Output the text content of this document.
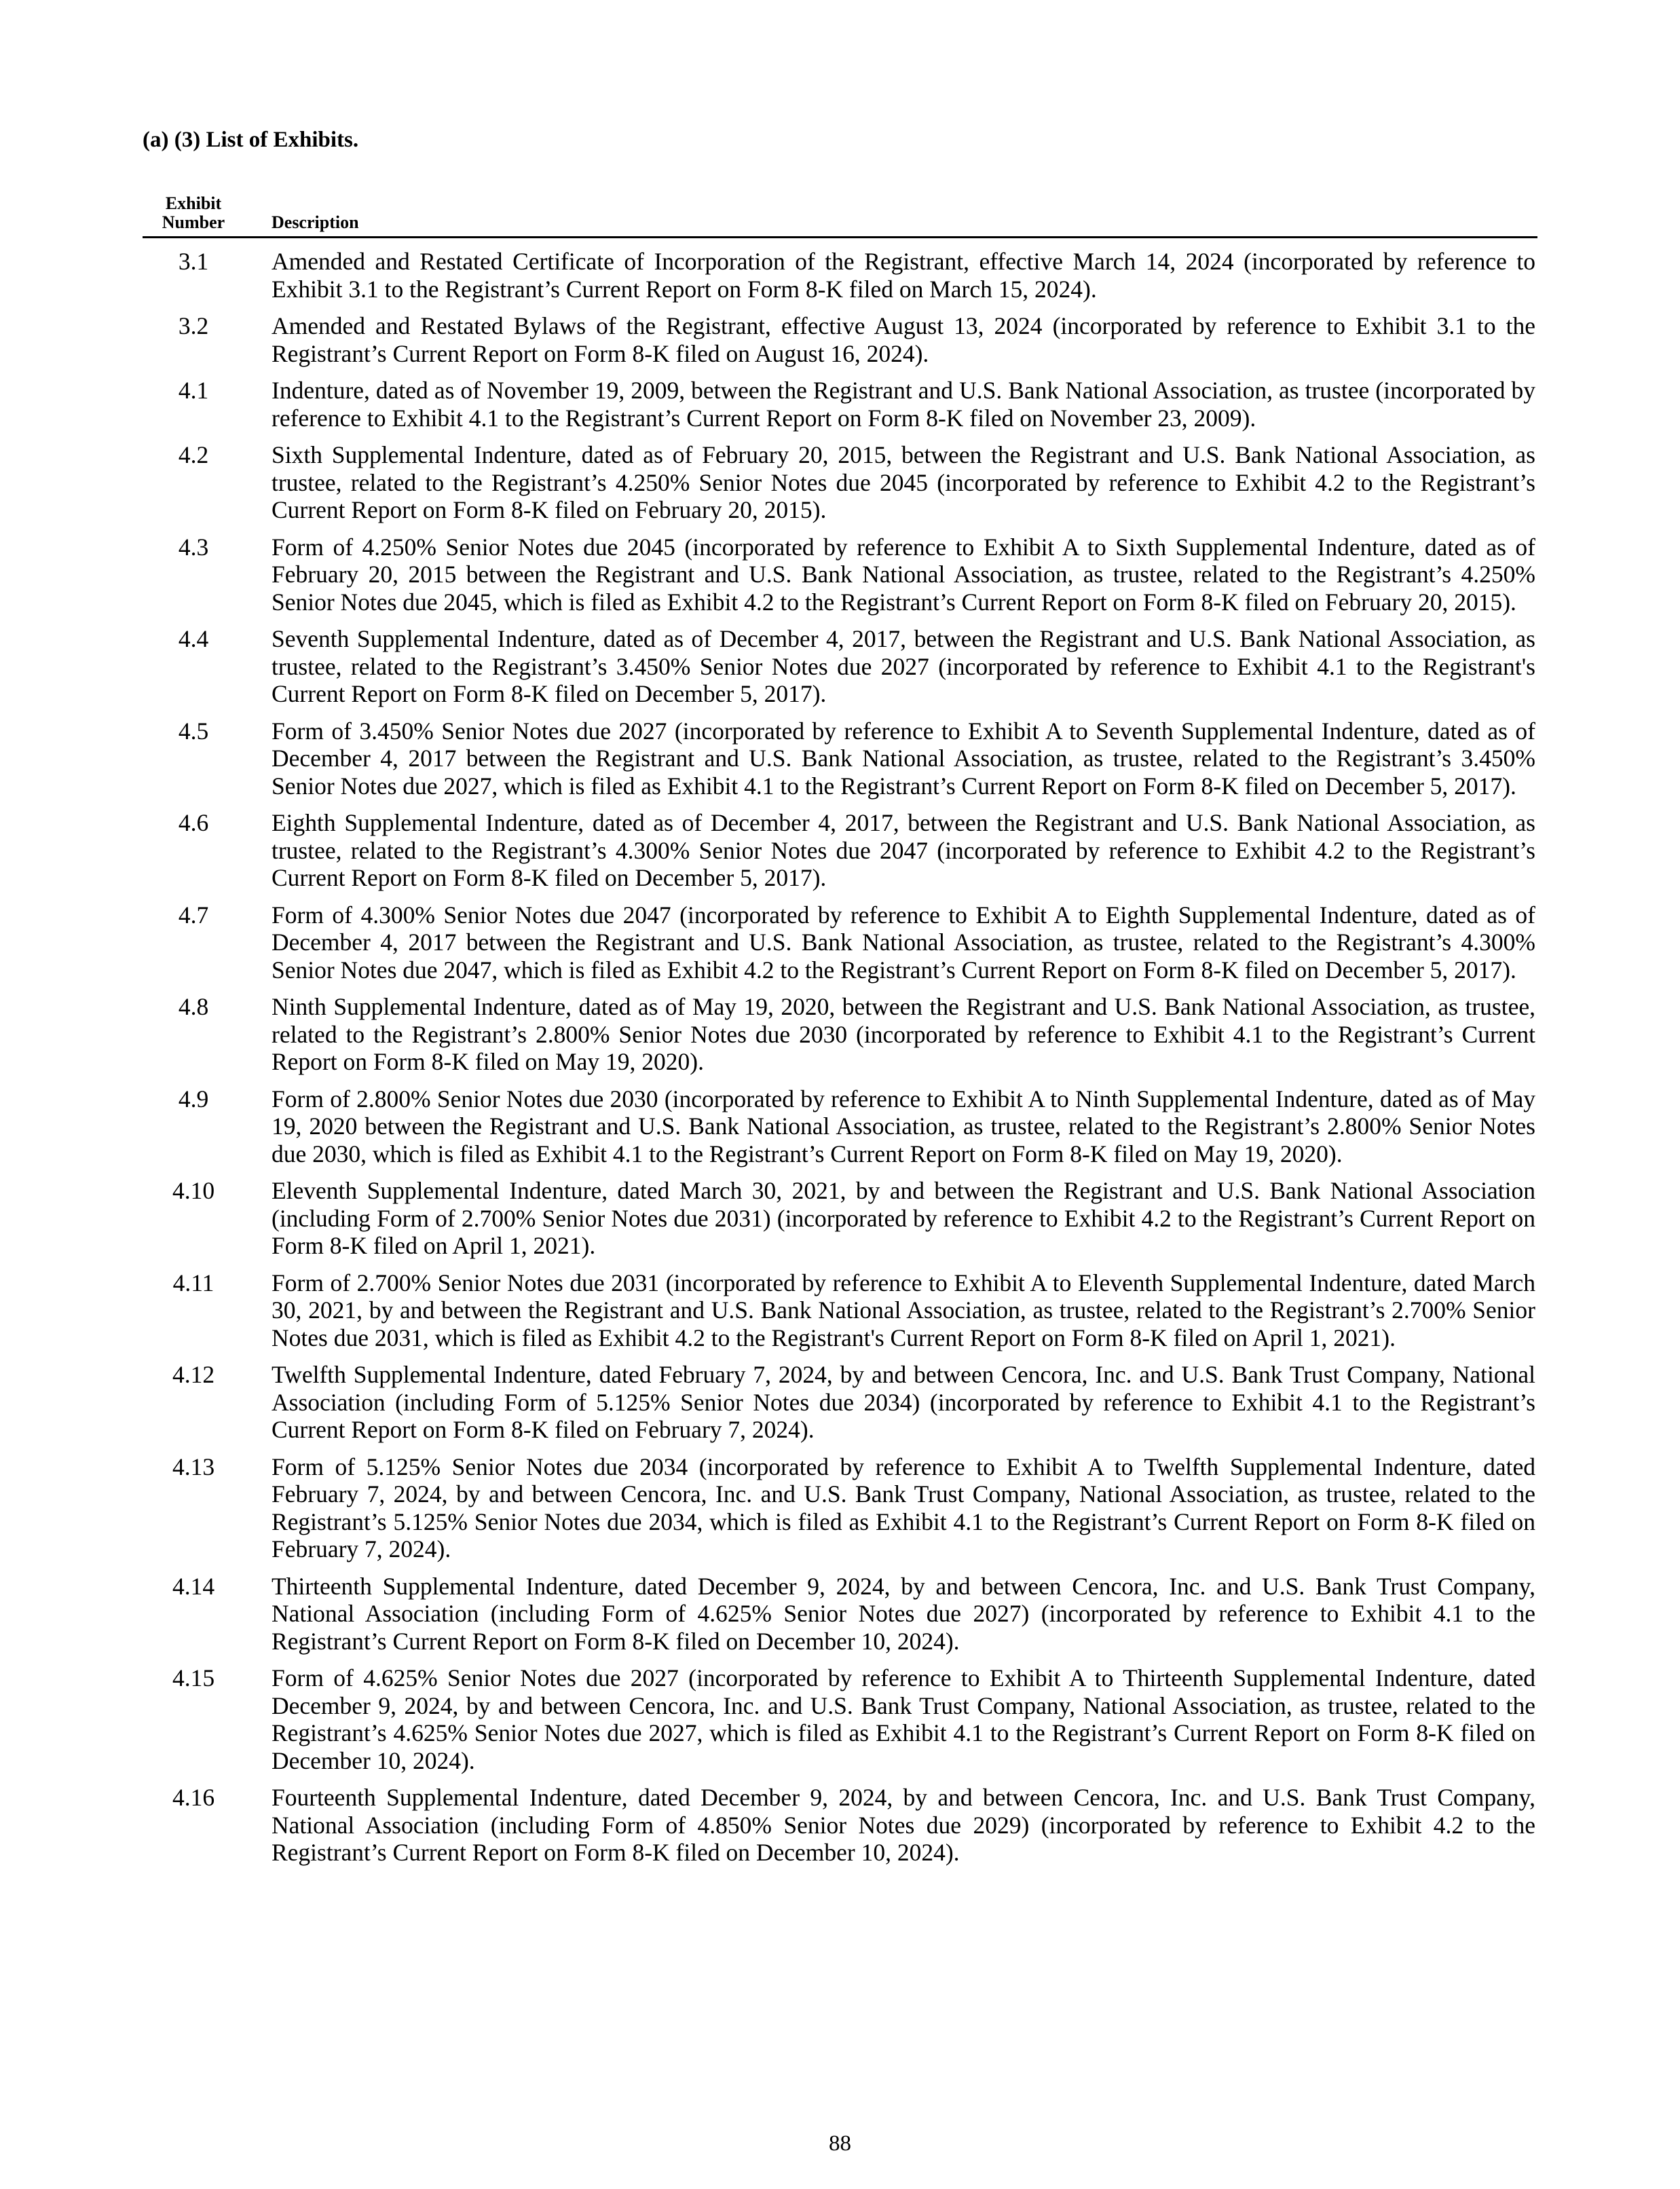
(a) (3) List of Exhibits.
Exhibit
Number	Description
3.1	Amended and Restated Certificate of Incorporation of the Registrant, effective March 14, 2024 (incorporated by reference to Exhibit 3.1 to the Registrant’s Current Report on Form 8-K filed on March 15, 2024).
3.2	Amended and Restated Bylaws of the Registrant, effective August 13, 2024 (incorporated by reference to Exhibit 3.1 to the Registrant’s Current Report on Form 8-K filed on August 16, 2024).
4.1	Indenture, dated as of November 19, 2009, between the Registrant and U.S. Bank National Association, as trustee (incorporated by reference to Exhibit 4.1 to the Registrant’s Current Report on Form 8-K filed on November 23, 2009).
4.2	Sixth Supplemental Indenture, dated as of February 20, 2015, between the Registrant and U.S. Bank National Association, as trustee, related to the Registrant’s 4.250% Senior Notes due 2045 (incorporated by reference to Exhibit 4.2 to the Registrant’s Current Report on Form 8-K filed on February 20, 2015).
4.3	Form of 4.250% Senior Notes due 2045 (incorporated by reference to Exhibit A to Sixth Supplemental Indenture, dated as of February 20, 2015 between the Registrant and U.S. Bank National Association, as trustee, related to the Registrant’s 4.250% Senior Notes due 2045, which is filed as Exhibit 4.2 to the Registrant’s Current Report on Form 8-K filed on February 20, 2015).
4.4	Seventh Supplemental Indenture, dated as of December 4, 2017, between the Registrant and U.S. Bank National Association, as trustee, related to the Registrant’s 3.450% Senior Notes due 2027 (incorporated by reference to Exhibit 4.1 to the Registrant's Current Report on Form 8-K filed on December 5, 2017).
4.5	Form of 3.450% Senior Notes due 2027 (incorporated by reference to Exhibit A to Seventh Supplemental Indenture, dated as of December 4, 2017 between the Registrant and U.S. Bank National Association, as trustee, related to the Registrant’s 3.450% Senior Notes due 2027, which is filed as Exhibit 4.1 to the Registrant’s Current Report on Form 8-K filed on December 5, 2017).
4.6	Eighth Supplemental Indenture, dated as of December 4, 2017, between the Registrant and U.S. Bank National Association, as trustee, related to the Registrant’s 4.300% Senior Notes due 2047 (incorporated by reference to Exhibit 4.2 to the Registrant’s Current Report on Form 8-K filed on December 5, 2017).
4.7	Form of 4.300% Senior Notes due 2047 (incorporated by reference to Exhibit A to Eighth Supplemental Indenture, dated as of December 4, 2017 between the Registrant and U.S. Bank National Association, as trustee, related to the Registrant’s 4.300% Senior Notes due 2047, which is filed as Exhibit 4.2 to the Registrant’s Current Report on Form 8-K filed on December 5, 2017).
4.8	Ninth Supplemental Indenture, dated as of May 19, 2020, between the Registrant and U.S. Bank National Association, as trustee, related to the Registrant’s 2.800% Senior Notes due 2030 (incorporated by reference to Exhibit 4.1 to the Registrant’s Current Report on Form 8-K filed on May 19, 2020).
4.9	Form of 2.800% Senior Notes due 2030 (incorporated by reference to Exhibit A to Ninth Supplemental Indenture, dated as of May 19, 2020 between the Registrant and U.S. Bank National Association, as trustee, related to the Registrant’s 2.800% Senior Notes due 2030, which is filed as Exhibit 4.1 to the Registrant’s Current Report on Form 8-K filed on May 19, 2020).
4.10	Eleventh Supplemental Indenture, dated March 30, 2021, by and between the Registrant and U.S. Bank National Association (including Form of 2.700% Senior Notes due 2031) (incorporated by reference to Exhibit 4.2 to the Registrant’s Current Report on Form 8-K filed on April 1, 2021).
4.11	Form of 2.700% Senior Notes due 2031 (incorporated by reference to Exhibit A to Eleventh Supplemental Indenture, dated March 30, 2021, by and between the Registrant and U.S. Bank National Association, as trustee, related to the Registrant’s 2.700% Senior Notes due 2031, which is filed as Exhibit 4.2 to the Registrant's Current Report on Form 8-K filed on April 1, 2021).
4.12	Twelfth Supplemental Indenture, dated February 7, 2024, by and between Cencora, Inc. and U.S. Bank Trust Company, National Association (including Form of 5.125% Senior Notes due 2034) (incorporated by reference to Exhibit 4.1 to the Registrant’s Current Report on Form 8-K filed on February 7, 2024).
4.13	Form of 5.125% Senior Notes due 2034 (incorporated by reference to Exhibit A to Twelfth Supplemental Indenture, dated February 7, 2024, by and between Cencora, Inc. and U.S. Bank Trust Company, National Association, as trustee, related to the Registrant’s 5.125% Senior Notes due 2034, which is filed as Exhibit 4.1 to the Registrant’s Current Report on Form 8-K filed on February 7, 2024).
4.14	Thirteenth Supplemental Indenture, dated December 9, 2024, by and between Cencora, Inc. and U.S. Bank Trust Company, National Association (including Form of 4.625% Senior Notes due 2027) (incorporated by reference to Exhibit 4.1 to the Registrant’s Current Report on Form 8-K filed on December 10, 2024).
4.15	Form of 4.625% Senior Notes due 2027 (incorporated by reference to Exhibit A to Thirteenth Supplemental Indenture, dated December 9, 2024, by and between Cencora, Inc. and U.S. Bank Trust Company, National Association, as trustee, related to the Registrant’s 4.625% Senior Notes due 2027, which is filed as Exhibit 4.1 to the Registrant’s Current Report on Form 8-K filed on December 10, 2024).
4.16	Fourteenth Supplemental Indenture, dated December 9, 2024, by and between Cencora, Inc. and U.S. Bank Trust Company, National Association (including Form of 4.850% Senior Notes due 2029) (incorporated by reference to Exhibit 4.2 to the Registrant’s Current Report on Form 8-K filed on December 10, 2024).
88
